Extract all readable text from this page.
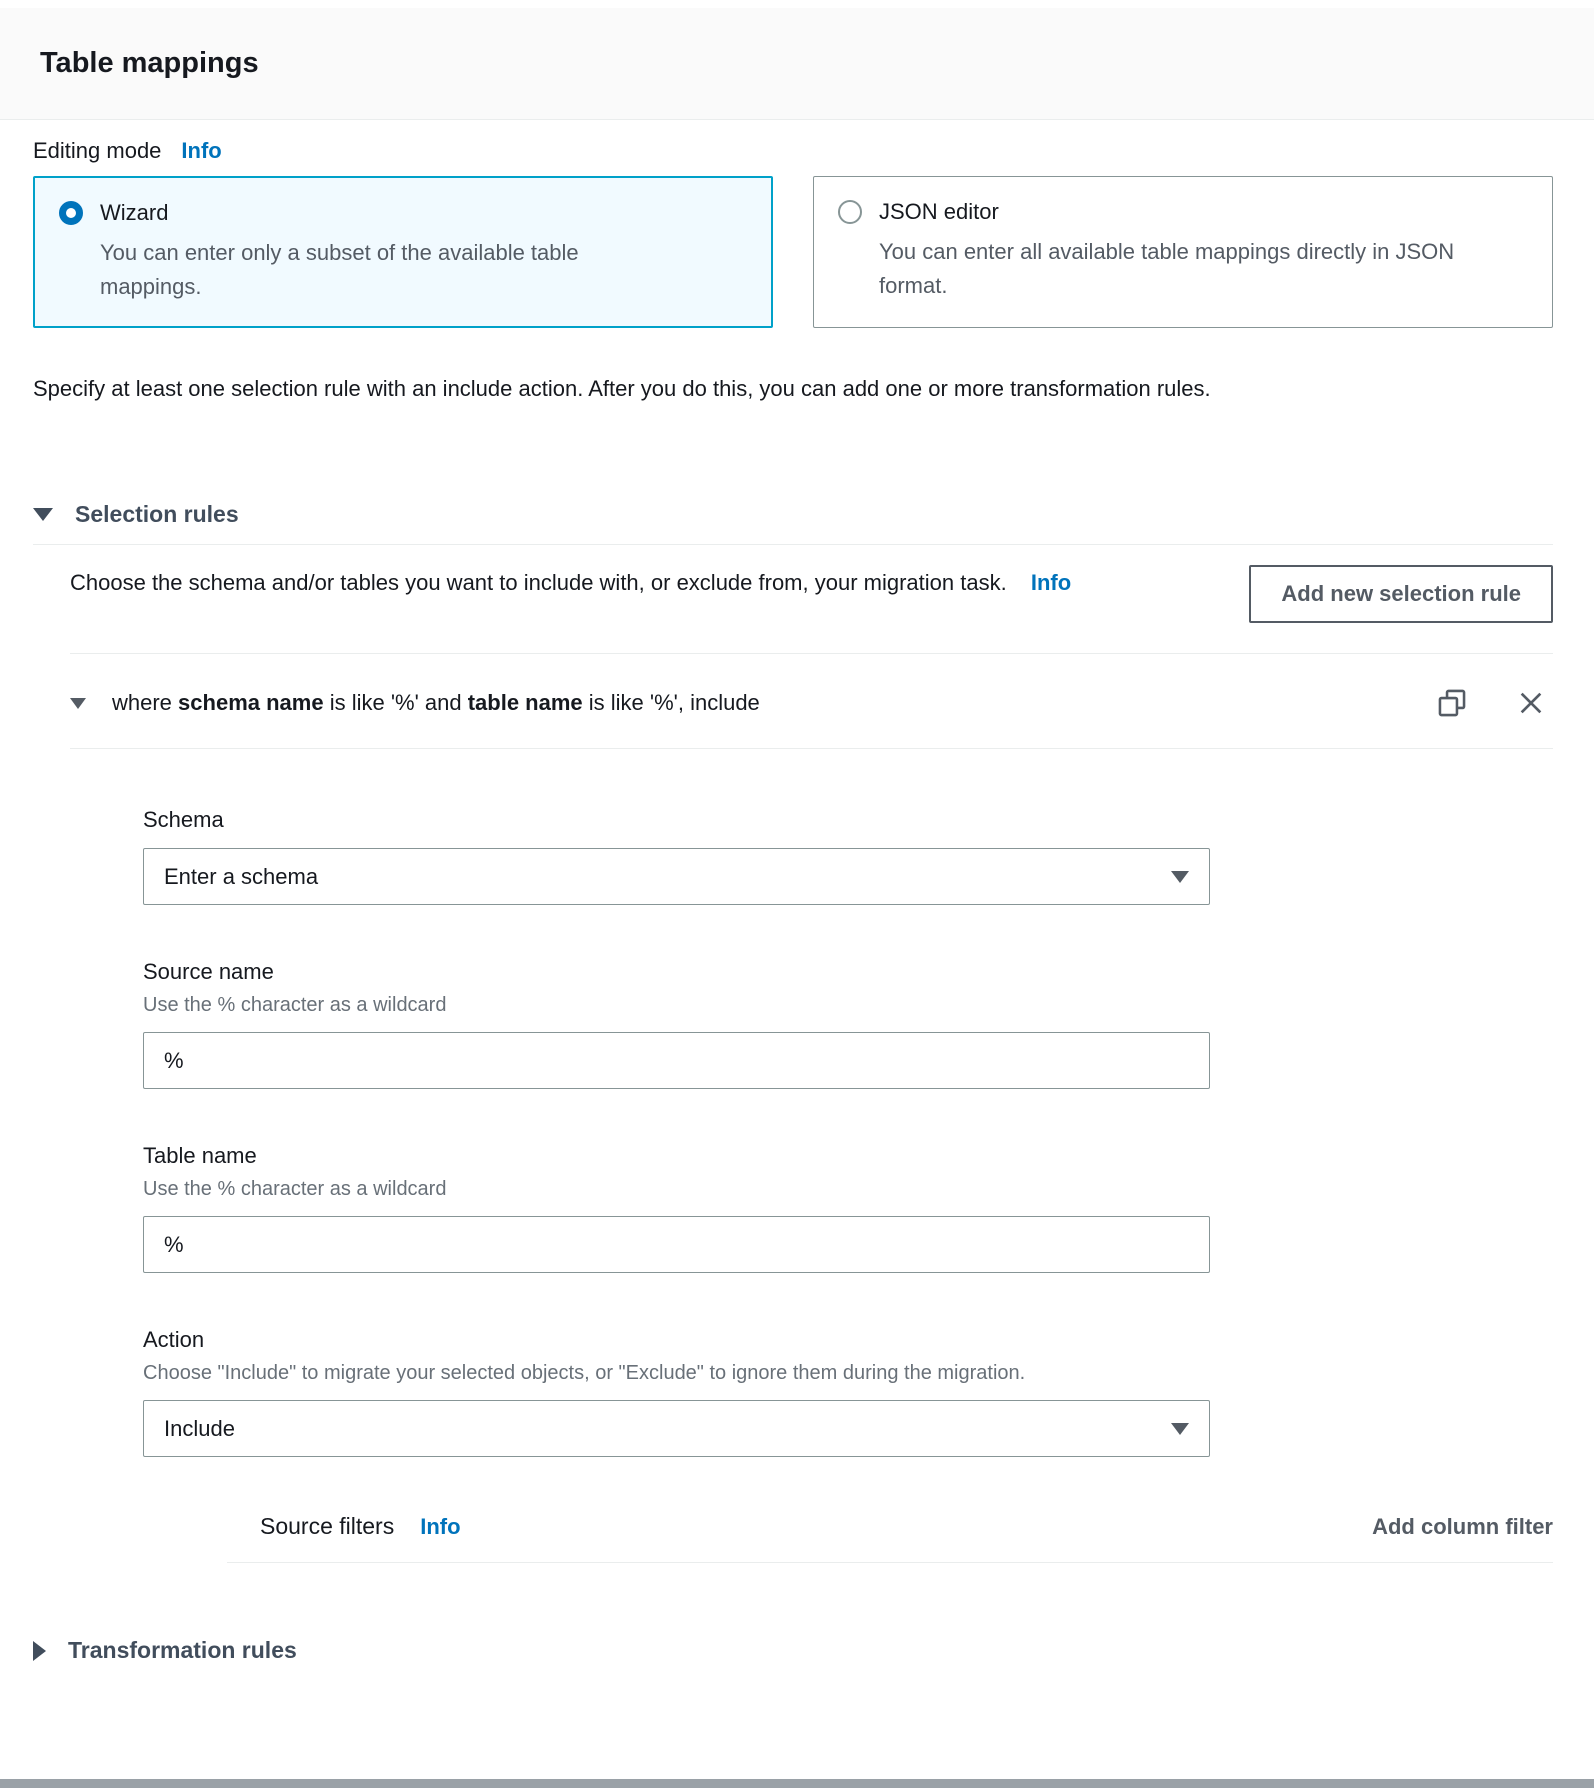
Table mappings
Editing mode Info
Wizard
You can enter only a subset of the available table mappings.
JSON editor
You can enter all available table mappings directly in JSON format.

Specify at least one selection rule with an include action. After you do this, you can add one or more transformation rules.

Selection rules
Choose the schema and/or tables you want to include with, or exclude from, your migration task. Info	Add new selection rule
where schema name is like '%' and table name is like '%', include
Schema
Enter a schema
Source name
Use the % character as a wildcard
%
Table name
Use the % character as a wildcard
%
Action
Choose "Include" to migrate your selected objects, or "Exclude" to ignore them during the migration.
Include
Source filters Info	Add column filter
Transformation rules
